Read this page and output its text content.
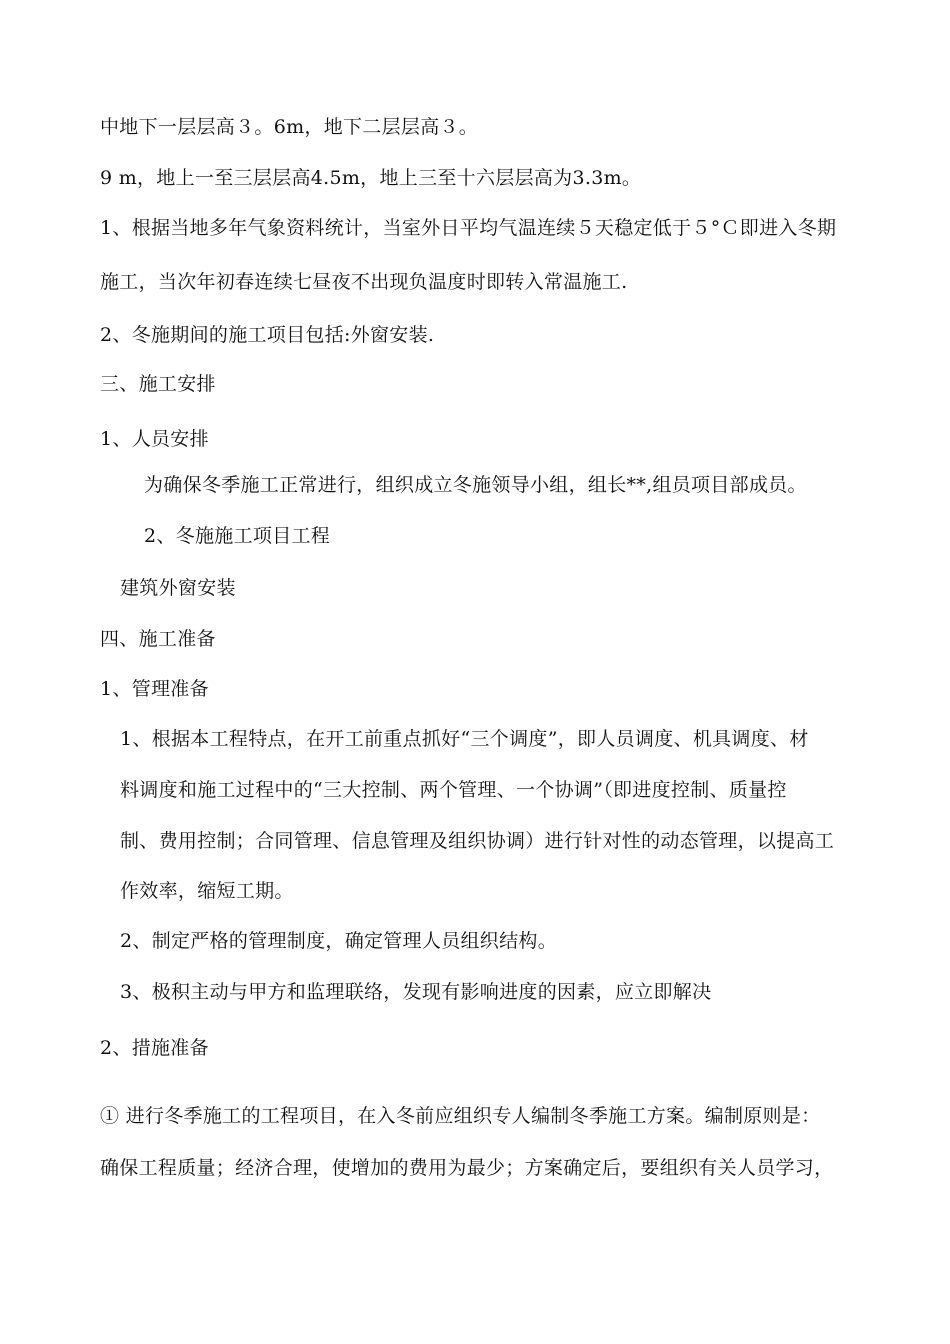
中地下一层层高３。6m，地下二层层高３。
9 m，地上一至三层层高4.5m，地上三至十六层层高为3.3m。
1、根据当地多年气象资料统计，当室外日平均气温连续５天稳定低于５°Ｃ即进入冬期
施工，当次年初春连续七昼夜不出现负温度时即转入常温施工.
2、冬施期间的施工项目包括:外窗安装.
三、施工安排
1、人员安排
为确保冬季施工正常进行，组织成立冬施领导小组，组长**,组员项目部成员。
2、冬施施工项目工程
建筑外窗安装
四、施工准备
1、管理准备
1、根据本工程特点，在开工前重点抓好“三个调度”，即人员调度、机具调度、材
料调度和施工过程中的“三大控制、两个管理、一个协调”（即进度控制、质量控
制、费用控制；合同管理、信息管理及组织协调）进行针对性的动态管理，以提高工
作效率，缩短工期。
2、制定严格的管理制度，确定管理人员组织结构。
3、极积主动与甲方和监理联络，发现有影响进度的因素，应立即解决
2、措施准备
① 进行冬季施工的工程项目，在入冬前应组织专人编制冬季施工方案。编制原则是：
确保工程质量；经济合理，使增加的费用为最少；方案确定后，要组织有关人员学习，
